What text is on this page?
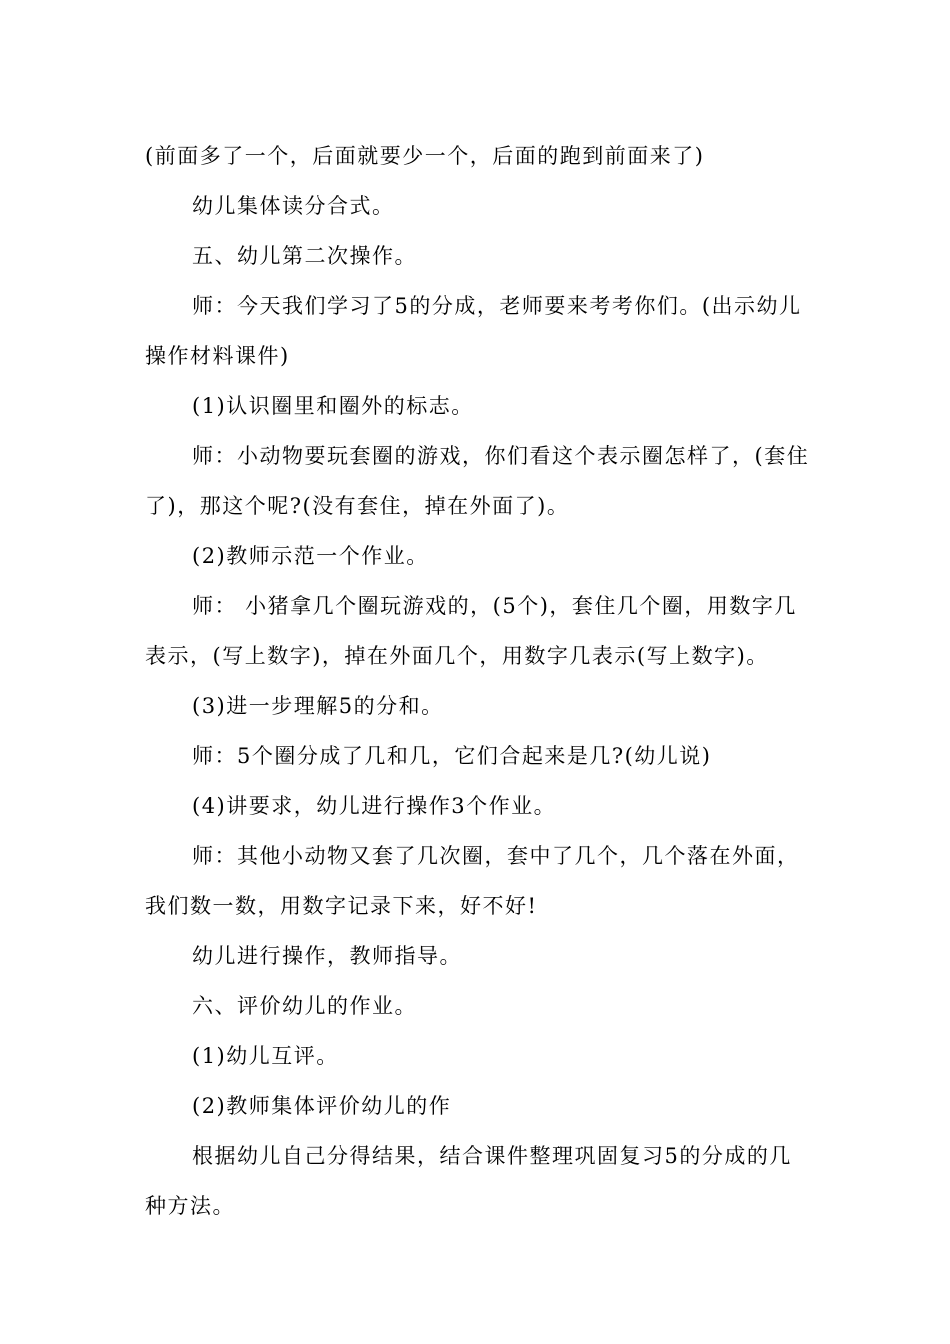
(前面多了一个，后面就要少一个，后面的跑到前面来了)

幼儿集体读分合式。

五、幼儿第二次操作。

师：今天我们学习了5的分成，老师要来考考你们。(出示幼儿操作材料课件)

(1)认识圈里和圈外的标志。

师：小动物要玩套圈的游戏，你们看这个表示圈怎样了，(套住了)，那这个呢?(没有套住，掉在外面了)。

(2)教师示范一个作业。

师： 小猪拿几个圈玩游戏的，(5个)，套住几个圈，用数字几表示，(写上数字)，掉在外面几个，用数字几表示(写上数字)。

(3)进一步理解5的分和。

师：5个圈分成了几和几，它们合起来是几?(幼儿说)

(4)讲要求，幼儿进行操作3个作业。

师：其他小动物又套了几次圈，套中了几个，几个落在外面，我们数一数，用数字记录下来，好不好!

幼儿进行操作，教师指导。

六、评价幼儿的作业。

(1)幼儿互评。

(2)教师集体评价幼儿的作

根据幼儿自己分得结果，结合课件整理巩固复习5的分成的几种方法。
